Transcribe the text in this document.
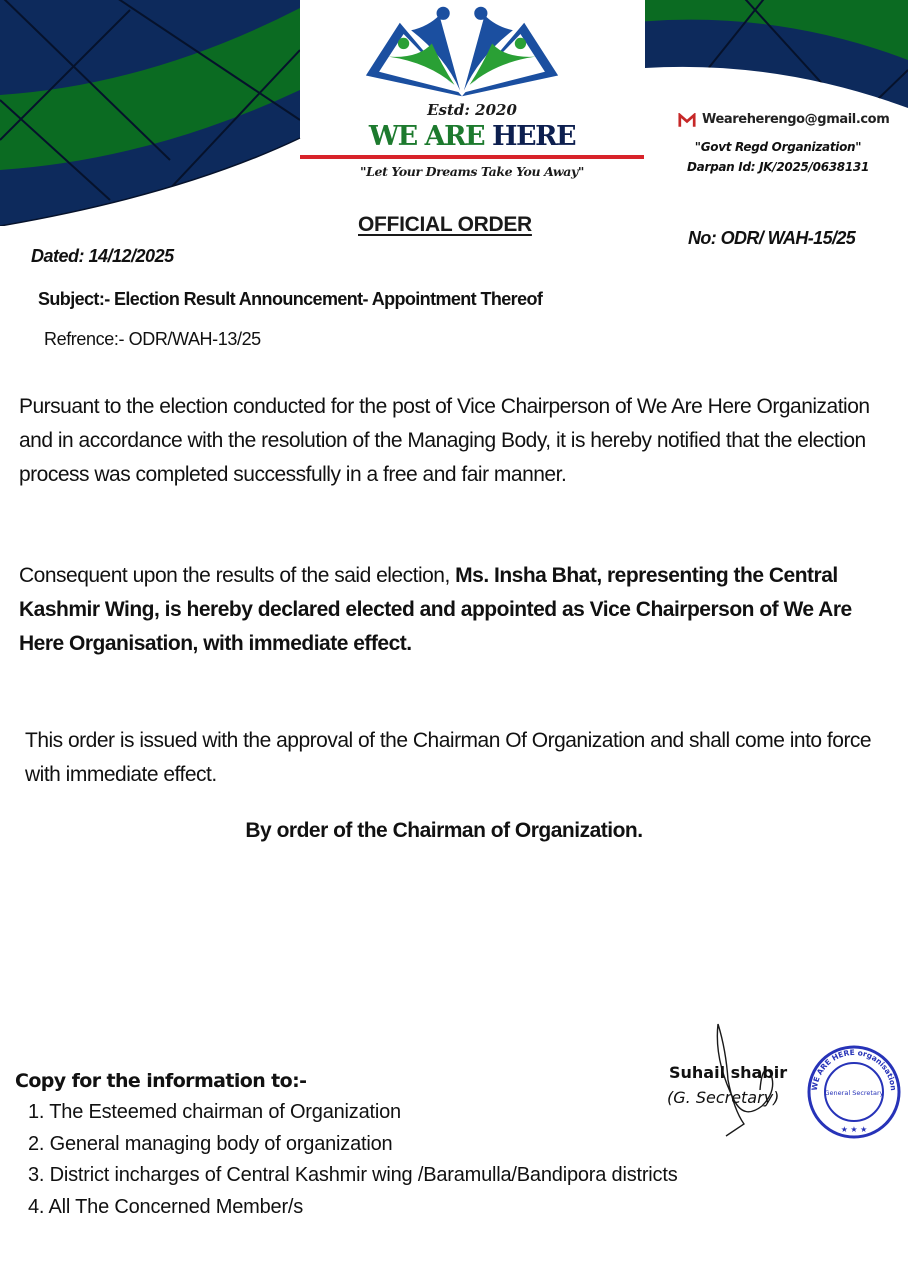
Estd: 2020
WE ARE HERE
"Let Your Dreams Take You Away"
Weareherengo@gmail.com
"Govt Regd Organization"
Darpan Id: JK/2025/0638131
OFFICIAL ORDER
No: ODR/ WAH-15/25
Dated: 14/12/2025
Subject:- Election Result Announcement- Appointment Thereof
Refrence:- ODR/WAH-13/25
Pursuant to the election conducted for the post of Vice Chairperson of We Are Here Organization and in accordance with the resolution of the Managing Body, it is hereby notified that the election process was completed successfully in a free and fair manner.
Consequent upon the results of the said election, Ms. Insha Bhat, representing the Central Kashmir Wing, is hereby declared elected and appointed as Vice Chairperson of We Are Here Organisation, with immediate effect.
This order is issued with the approval of the Chairman Of Organization and shall come into force with immediate effect.
By order of the Chairman of Organization.
Copy for the information to:-
1. The Esteemed chairman of Organization
2. General managing body of organization
3. District incharges of Central Kashmir wing /Baramulla/Bandipora districts
4. All The Concerned Member/s
Suhail shabir
(G. Secretary)
WE ARE HERE organisation
General Secretary
★ ★ ★
